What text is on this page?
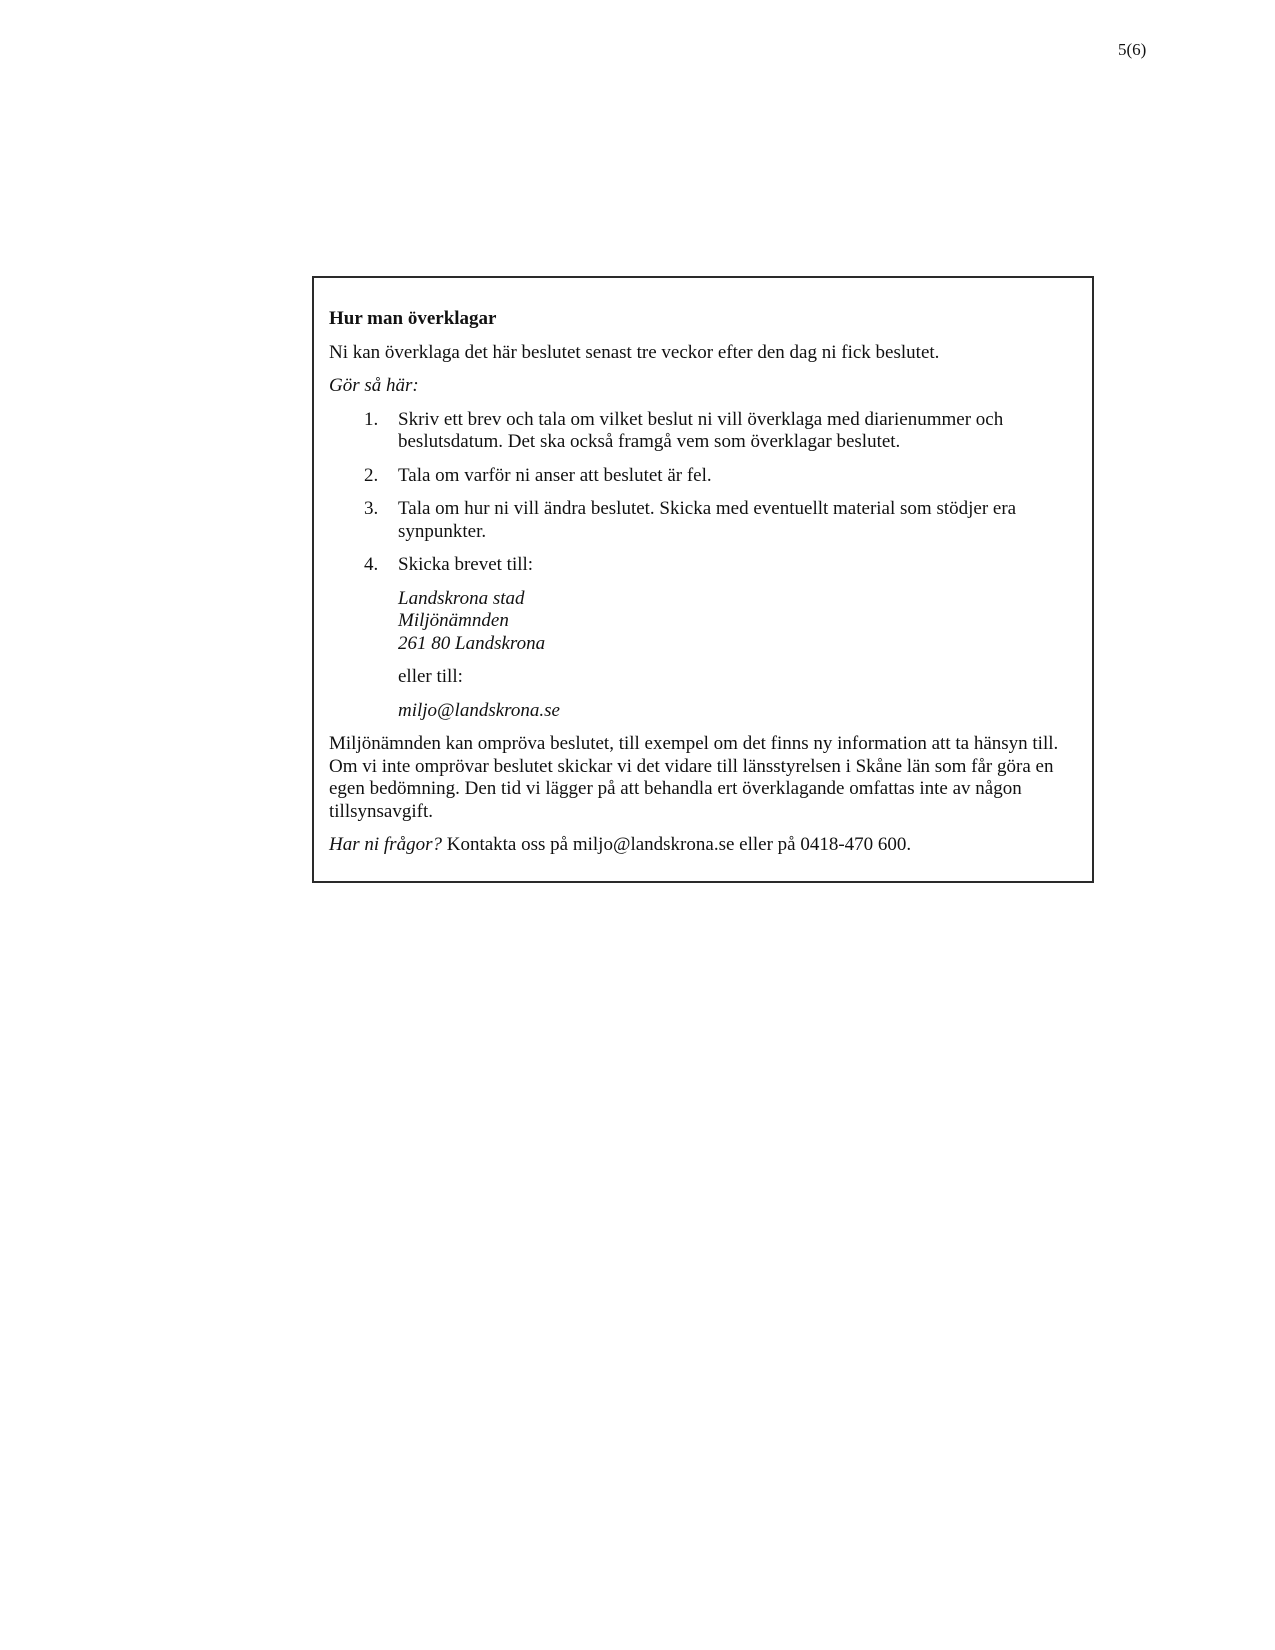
5(6)
Hur man överklagar
Ni kan överklaga det här beslutet senast tre veckor efter den dag ni fick beslutet.
Gör så här:
1. Skriv ett brev och tala om vilket beslut ni vill överklaga med diarienummer och beslutsdatum. Det ska också framgå vem som överklagar beslutet.
2. Tala om varför ni anser att beslutet är fel.
3. Tala om hur ni vill ändra beslutet. Skicka med eventuellt material som stödjer era synpunkter.
4. Skicka brevet till:
Landskrona stad
Miljönämnden
261 80 Landskrona
eller till:
miljo@landskrona.se
Miljönämnden kan ompröva beslutet, till exempel om det finns ny information att ta hänsyn till. Om vi inte omprövar beslutet skickar vi det vidare till länsstyrelsen i Skåne län som får göra en egen bedömning. Den tid vi lägger på att behandla ert överklagande omfattas inte av någon tillsynsavgift.
Har ni frågor? Kontakta oss på miljo@landskrona.se eller på 0418-470 600.
